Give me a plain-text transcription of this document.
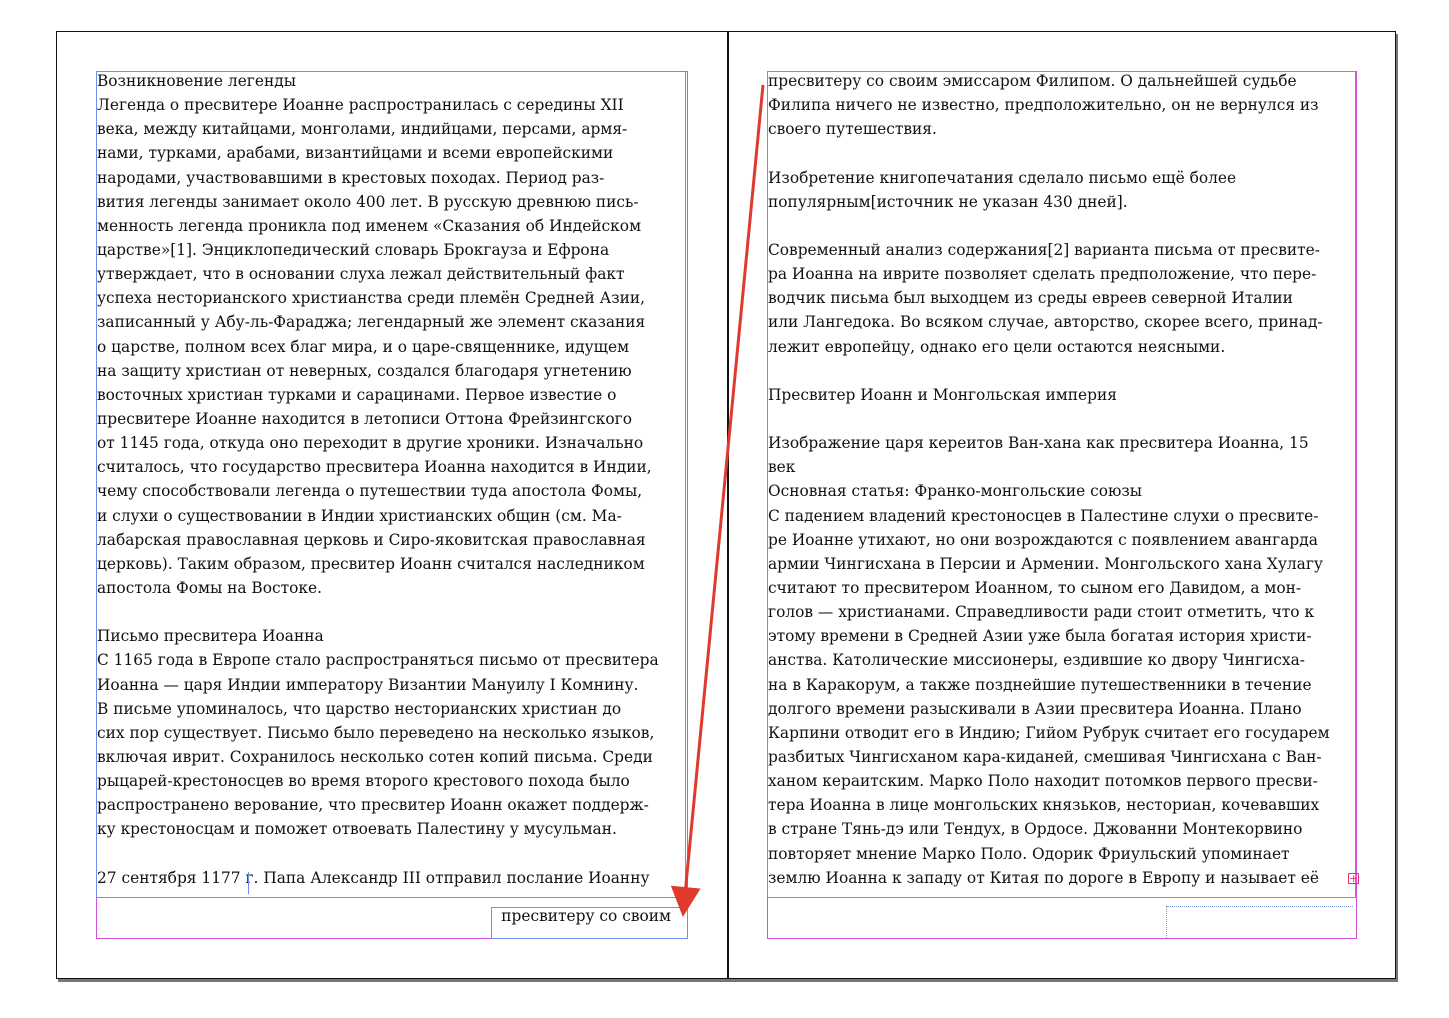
Возникновение легенды
Легенда о пресвитере Иоанне распространилась с середины XII
века, между китайцами, монголами, индийцами, персами, армя-
нами, турками, арабами, византийцами и всеми европейскими
народами, участвовавшими в крестовых походах. Период раз-
вития легенды занимает около 400 лет. В русскую древнюю пись-
менность легенда проникла под именем «Сказания об Индейском
царстве»[1]. Энциклопедический словарь Брокгауза и Ефрона
утверждает, что в основании слуха лежал действительный факт
успеха несторианского христианства среди племён Средней Азии,
записанный у Абу-ль-Фараджа; легендарный же элемент сказания
о царстве, полном всех благ мира, и о царе-священнике, идущем
на защиту христиан от неверных, создался благодаря угнетению
восточных христиан турками и сарацинами. Первое известие о
пресвитере Иоанне находится в летописи Оттона Фрейзингского
от 1145 года, откуда оно переходит в другие хроники. Изначально
считалось, что государство пресвитера Иоанна находится в Индии,
чему способствовали легенда о путешествии туда апостола Фомы,
и слухи о существовании в Индии христианских общин (см. Ма-
лабарская православная церковь и Сиро-яковитская православная
церковь). Таким образом, пресвитер Иоанн считался наследником
апостола Фомы на Востоке.
Письмо пресвитера Иоанна
С 1165 года в Европе стало распространяться письмо от пресвитера
Иоанна — царя Индии императору Византии Мануилу I Комнину.
В письме упоминалось, что царство несторианских христиан до
сих пор существует. Письмо было переведено на несколько языков,
включая иврит. Сохранилось несколько сотен копий письма. Среди
рыцарей-крестоносцев во время второго крестового похода было
распространено верование, что пресвитер Иоанн окажет поддерж-
ку крестоносцам и поможет отвоевать Палестину у мусульман.
27 сентября 1177 г. Папа Александр III отправил послание Иоанну
пресвитеру со своим
пресвитеру со своим эмиссаром Филипом. О дальнейшей судьбе
Филипа ничего не известно, предположительно, он не вернулся из
своего путешествия.
Изобретение книгопечатания сделало письмо ещё более
популярным[источник не указан 430 дней].
Современный анализ содержания[2] варианта письма от пресвите-
ра Иоанна на иврите позволяет сделать предположение, что пере-
водчик письма был выходцем из среды евреев северной Италии
или Лангедока. Во всяком случае, авторство, скорее всего, принад-
лежит европейцу, однако его цели остаются неясными.
Пресвитер Иоанн и Монгольская империя
Изображение царя кереитов Ван-хана как пресвитера Иоанна, 15
век
Основная статья: Франко-монгольские союзы
С падением владений крестоносцев в Палестине слухи о пресвите-
ре Иоанне утихают, но они возрождаются с появлением авангарда
армии Чингисхана в Персии и Армении. Монгольского хана Хулагу
считают то пресвитером Иоанном, то сыном его Давидом, а мон-
голов — христианами. Справедливости ради стоит отметить, что к
этому времени в Средней Азии уже была богатая история христи-
анства. Католические миссионеры, ездившие ко двору Чингисха-
на в Каракорум, а также позднейшие путешественники в течение
долгого времени разыскивали в Азии пресвитера Иоанна. Плано
Карпини отводит его в Индию; Гийом Рубрук считает его государем
разбитых Чингисханом кара-киданей, смешивая Чингисхана с Ван-
ханом кераитским. Марко Поло находит потомков первого пресви-
тера Иоанна в лице монгольских князьков, несториан, кочевавших
в стране Тянь-дэ или Тендух, в Ордосе. Джованни Монтекорвино
повторяет мнение Марко Поло. Одорик Фриульский упоминает
землю Иоанна к западу от Китая по дороге в Европу и называет её	+
